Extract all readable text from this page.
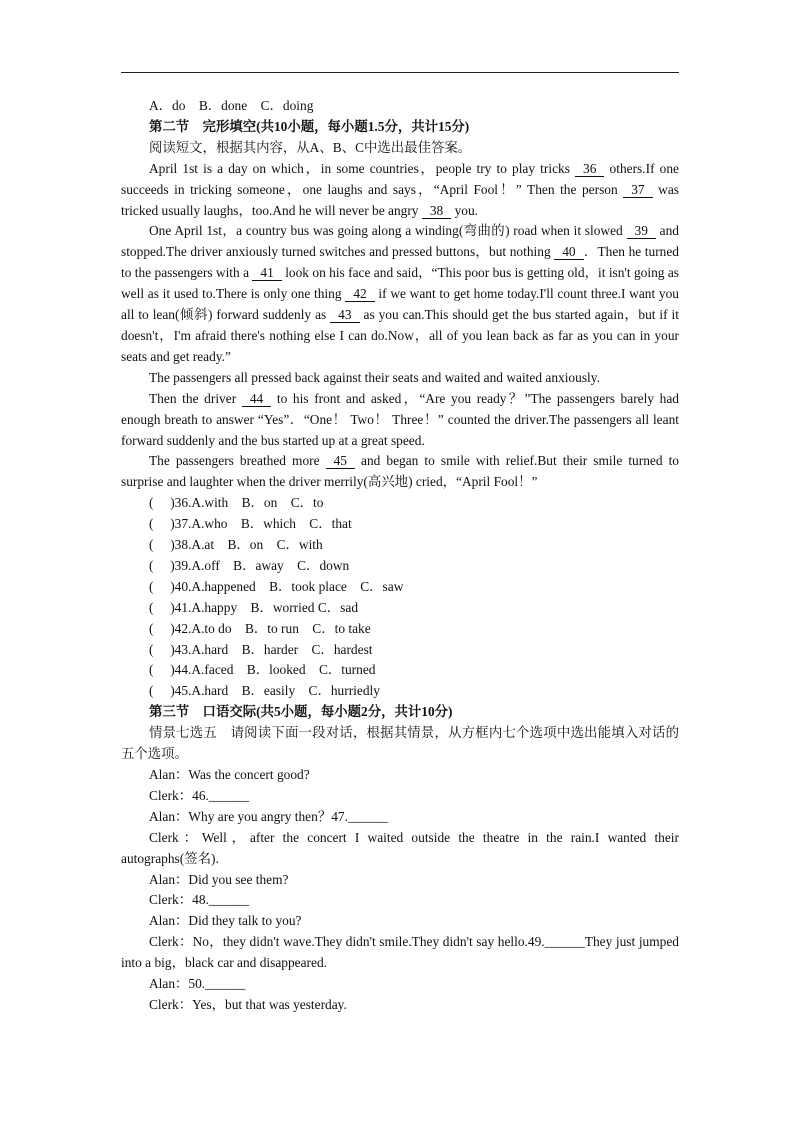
A．do　B．done　C．doing

第二节　完形填空(共10小题，每小题1.5分，共计15分)

阅读短文，根据其内容，从A、B、C中选出最佳答案。

April 1st is a day on which，in some countries，people try to play tricks 36 others.If one succeeds in tricking someone，one laughs and says，“April Fool！” Then the person 37 was tricked usually laughs，too.And he will never be angry 38 you.

One April 1st，a country bus was going along a winding(弯曲的) road when it slowed 39 and stopped.The driver anxiously turned switches and pressed buttons，but nothing 40 ．Then he turned to the passengers with a 41 look on his face and said，“This poor bus is getting old，it isn't going as well as it used to.There is only one thing 42 if we want to get home today.I'll count three.I want you all to lean(倾斜) forward suddenly as 43 as you can.This should get the bus started again，but if it doesn't，I'm afraid there's nothing else I can do.Now，all of you lean back as far as you can in your seats and get ready.”

The passengers all pressed back against their seats and waited and waited anxiously.

Then the driver 44 to his front and asked，“Are you ready？”The passengers barely had enough breath to answer “Yes”．“One！ Two！ Three！” counted the driver.The passengers all leant forward suddenly and the bus started up at a great speed.

The passengers breathed more 45 and began to smile with relief.But their smile turned to surprise and laughter when the driver merrily(高兴地) cried，“April Fool！”

(　 )36.A.with　B．on　C．to

(　 )37.A.who　B．which　C．that

(　 )38.A.at　B．on　C．with

(　 )39.A.off　B．away　C．down

(　 )40.A.happened　B．took place　C．saw

(　 )41.A.happy　B．worried C．sad

(　 )42.A.to do　B．to run　C．to take

(　 )43.A.hard　B．harder　C．hardest

(　 )44.A.faced　B．looked　C．turned

(　 )45.A.hard　B．easily　C．hurriedly

第三节　口语交际(共5小题，每小题2分，共计10分)

情景七选五　请阅读下面一段对话，根据其情景，从方框内七个选项中选出能填入对话的五个选项。

Alan：Was the concert good?

Clerk：46.______

Alan：Why are you angry then？47.______

Clerk：Well，after the concert I waited outside the theatre in the rain.I wanted their autographs(签名).

Alan：Did you see them?

Clerk：48.______

Alan：Did they talk to you?

Clerk：No，they didn't wave.They didn't smile.They didn't say hello.49.______They just jumped into a big，black car and disappeared.

Alan：50.______

Clerk：Yes，but that was yesterday.
